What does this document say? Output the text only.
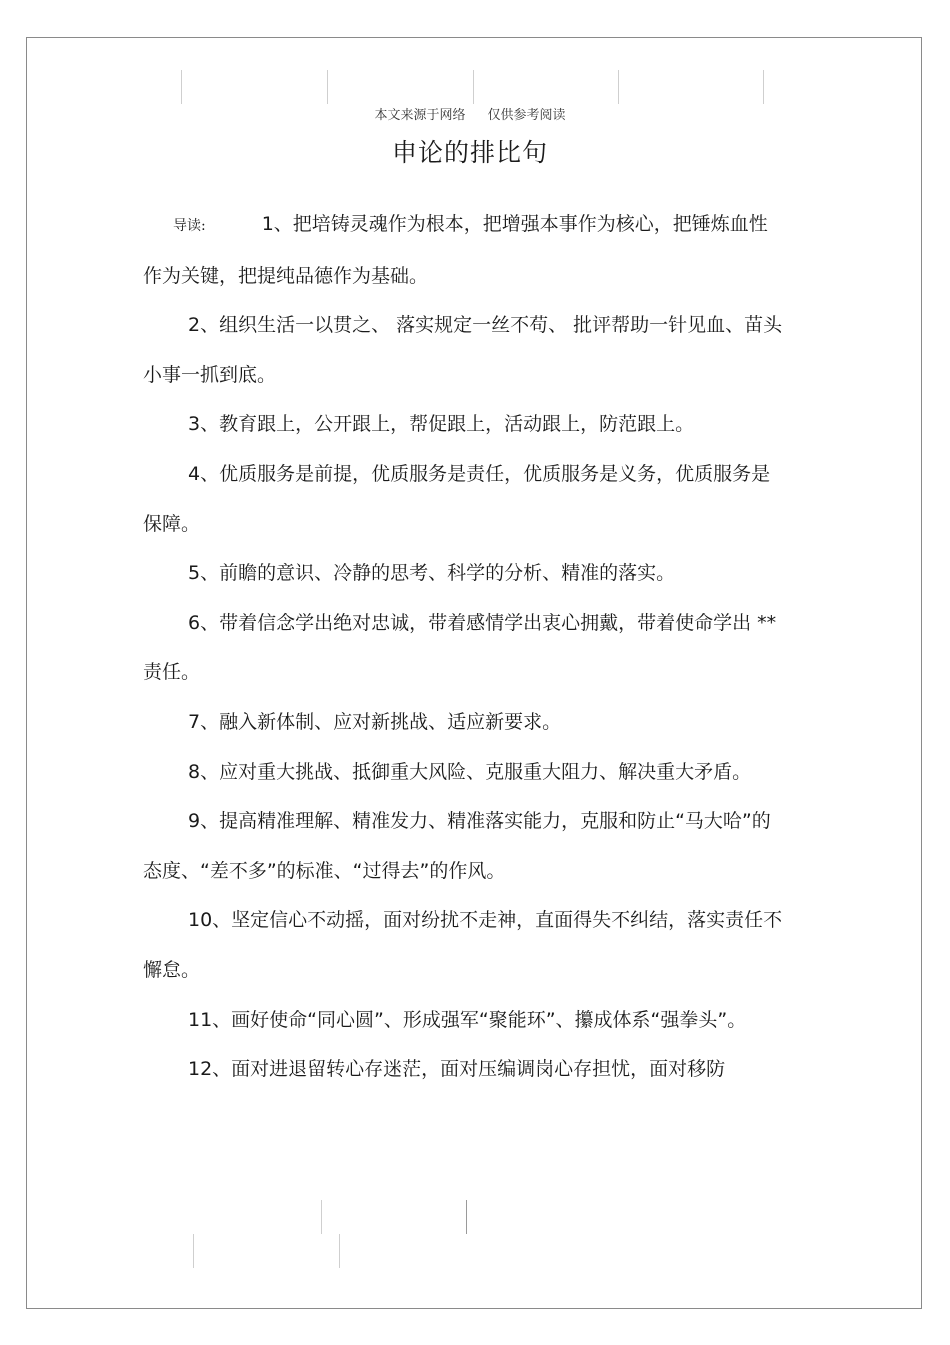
本文来源于网络 仅供参考阅读
申论的排比句

导读:	1、把培铸灵魂作为根本，把增强本事作为核心，把锤炼血性作为关键，把提纯品德作为基础。

2、组织生活一以贯之、 落实规定一丝不苟、 批评帮助一针见血、苗头小事一抓到底。

3、教育跟上，公开跟上，帮促跟上，活动跟上，防范跟上。

4、优质服务是前提，优质服务是责任，优质服务是义务，优质服务是保障。

5、前瞻的意识、冷静的思考、科学的分析、精准的落实。

6、带着信念学出绝对忠诚，带着感情学出衷心拥戴，带着使命学出 ** 责任。

7、融入新体制、应对新挑战、适应新要求。

8、应对重大挑战、抵御重大风险、克服重大阻力、解决重大矛盾。

9、提高精准理解、精准发力、精准落实能力，克服和防止“马大哈”的态度、“差不多”的标准、“过得去”的作风。

10、坚定信心不动摇，面对纷扰不走神，直面得失不纠结，落实责任不懈怠。

11、画好使命“同心圆”、形成强军“聚能环”、攥成体系“强拳头”。

12、面对进退留转心存迷茫，面对压编调岗心存担忧，面对移防
